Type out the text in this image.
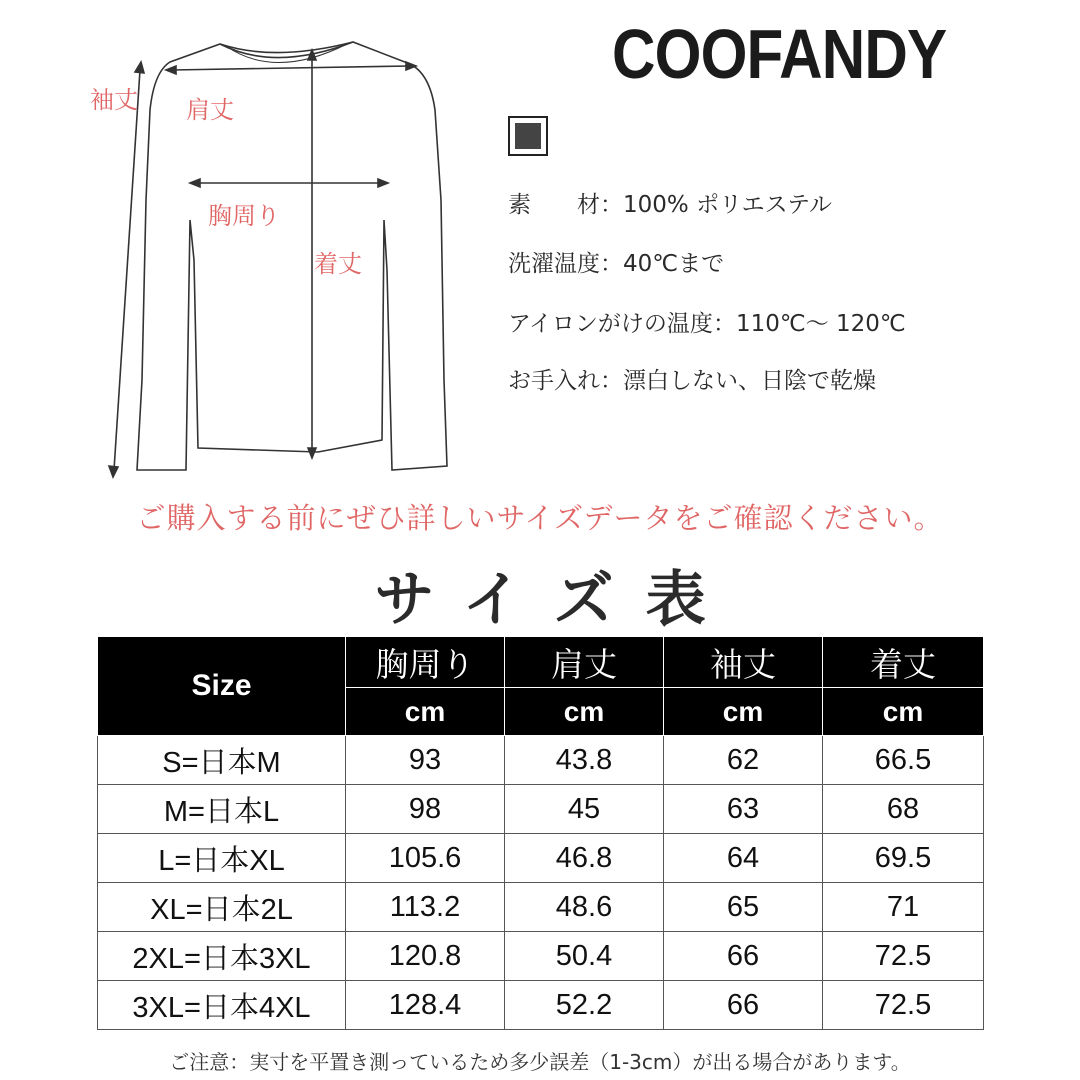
袖丈 肩丈
胸周り
着丈
COOFANDY
素　　材：100% ポリエステル
洗濯温度：40℃まで
アイロンがけの温度：110℃～ 120℃
お手入れ：漂白しない、日陰で乾燥
ご購入する前にぜひ詳しいサイズデータをご確認ください。
サイズ表
Size	胸周り	肩丈	袖丈	着丈
	cm	cm	cm	cm
S=日本M	93	43.8	62	66.5
M=日本L	98	45	63	68
L=日本XL	105.6	46.8	64	69.5
XL=日本2L	113.2	48.6	65	71
2XL=日本3XL	120.8	50.4	66	72.5
3XL=日本4XL	128.4	52.2	66	72.5
ご注意：実寸を平置き測っているため多少誤差（1-3cm）が出る場合があります。
